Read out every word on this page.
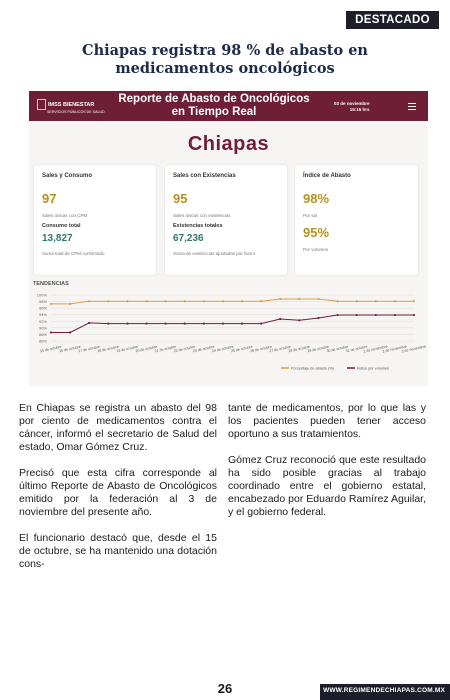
DESTACADO
Chiapas registra 98 % de abasto en medicamentos oncológicos
IMSS BIENESTAR
SERVICIOS PÚBLICOS DE SALUD
Reporte de Abasto de Oncológicos en Tiempo Real
03 de noviembre
15:15 hrs
Chiapas
Sales y Consumo
97
Sales únicas con CPM
Consumo total
13,827
Suma total de CPM confirmado
Sales con Existencias
95
Sales únicas con existencias
Existencias totales
67,236
Suma de existencias ajustadas por factor
Índice de Abasto
98%
Por sal
95%
Por volumen
TENDENCIAS
86%
88%
90%
92%
94%
96%
98%
100%
15 de octubre
16 de octubre
17 de octubre
18 de octubre
19 de octubre
20 de octubre
21 de octubre
22 de octubre
23 de octubre
24 de octubre
25 de octubre
26 de octubre
27 de octubre
28 de octubre
29 de octubre
30 de octubre
31 de octubre
1 de noviembre
2 de noviembre
3 de noviembre
Porcentaje de abasto (%)	Índice por volumen

En Chiapas se registra un abasto del 98 por ciento de medicamentos contra el cáncer, informó el secretario de Salud del estado, Omar Gómez Cruz.

Precisó que esta cifra corresponde al último Reporte de Abasto de Oncológicos emitido por la federación al 3 de noviembre del presente año.

El funcionario destacó que, desde el 15 de octubre, se ha mantenido una dotación cons-

tante de medicamentos, por lo que las y los pacientes pueden tener acceso oportuno a sus tratamientos.

Gómez Cruz reconoció que este resultado ha sido posible gracias al trabajo coordinado entre el gobierno estatal, encabezado por Eduardo Ramírez Aguilar, y el gobierno federal.

26	WWW.REGIMENDECHIAPAS.COM.MX
